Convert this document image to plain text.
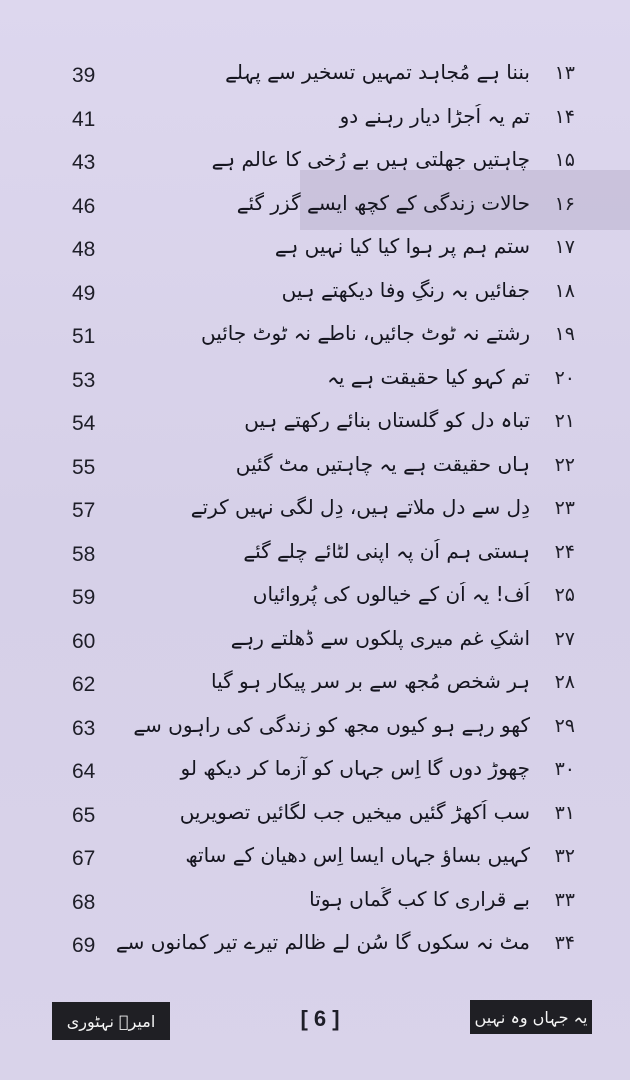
39	بننا ہے مُجاہد تمہیں تسخیر سے پہلے	۱۳
41	تم یہ اُجڑا دیار رہنے دو	۱۴
43	چاہتیں جھلتی ہیں بے رُخی کا عالم ہے	۱۵
46	حالات زندگی کے کچھ ایسے گزر گئے	۱۶
48	ستم ہم پر ہوا کیا کیا نہیں ہے	۱۷
49	جفائیں بہ رنگِ وفا دیکھتے ہیں	۱۸
51	رِشتے نہ ٹوٹ جائیں، ناطے نہ ٹوٹ جائیں	۱۹
53	تم کہو کیا حقیقت ہے یہ	۲۰
54	تباہ دل کو گلستاں بنائے رکھتے ہیں	۲۱
55	ہاں حقیقت ہے یہ چاہتیں مٹ گئیں	۲۲
57	دِل سے دل ملاتے ہیں، دِل لگی نہیں کرتے	۲۳
58	ہستی ہم اُن پہ اپنی لٹائے چلے گئے	۲۴
59	اُف! یہ اُن کے خیالوں کی پُروائیاں	۲۵
60	اشکِ غم میری پلکوں سے ڈھلتے رہے	۲۷
62	ہر شخص مُجھ سے بر سرِ پیکار ہو گیا	۲۸
63	کھو رہے ہو کیوں مجھ کو زندگی کی راہوں سے	۲۹
64	چھوڑ دوں گا اِس جہاں کو آزما کر دیکھ لو	۳۰
65	سب اُکھڑ گئیں میخیں جب لگائیں تصویریں	۳۱
67	کہیں بساؤ جہاں ایسا اِس دھیان کے ساتھ	۳۲
68	بے قراری کا کب گُماں ہوتا	۳۳
69	مٹ نہ سکوں گا سُن لے ظالم تیرے تیر کمانوں سے	۳۴
امیرؔ نہٹوری	[ 6 ]	یہ جہاں وہ نہیں
